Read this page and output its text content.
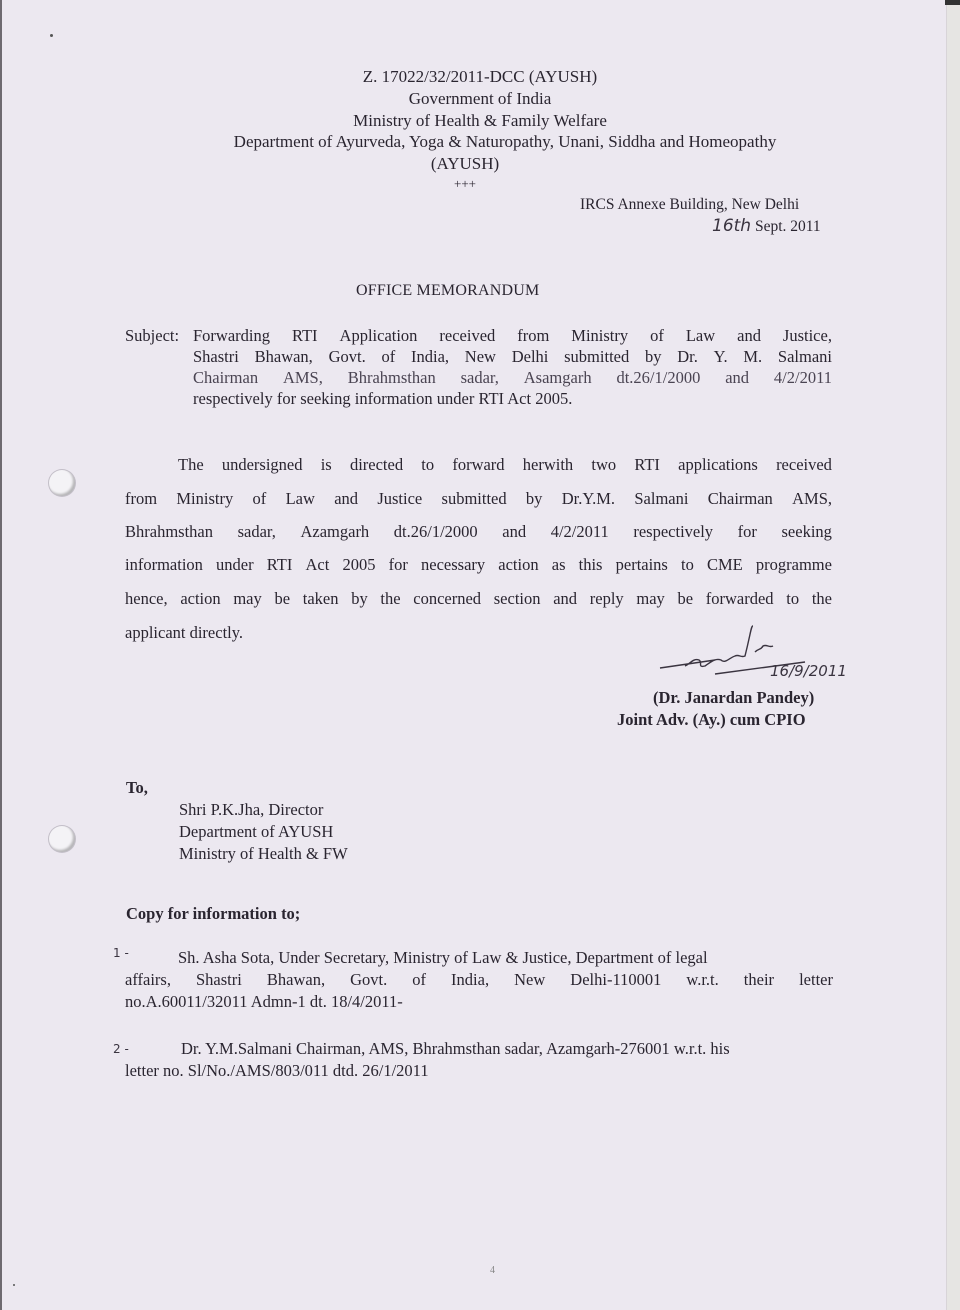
Z. 17022/32/2011-DCC (AYUSH)
Government of India
Ministry of Health & Family Welfare
Department of Ayurveda, Yoga & Naturopathy, Unani, Siddha and Homeopathy
(AYUSH)
+++
IRCS Annexe Building, New Delhi
16th Sept. 2011
OFFICE MEMORANDUM
Subject: Forwarding RTI Application received from Ministry of Law and Justice,
Shastri Bhawan, Govt. of India, New Delhi submitted by Dr. Y. M. Salmani
Chairman AMS, Bhrahmsthan sadar, Asamgarh dt.26/1/2000 and 4/2/2011
respectively for seeking information under RTI Act 2005.
The undersigned is directed to forward herwith two RTI applications received
from Ministry of Law and Justice submitted by Dr.Y.M. Salmani Chairman AMS,
Bhrahmsthan sadar, Azamgarh dt.26/1/2000 and 4/2/2011 respectively for seeking
information under RTI Act 2005 for necessary action as this pertains to CME programme
hence, action may be taken by the concerned section and reply may be forwarded to the
applicant directly.
16/9/2011
(Dr. Janardan Pandey)
Joint Adv. (Ay.) cum CPIO
To,
Shri P.K.Jha, Director
Department of AYUSH
Ministry of Health & FW
Copy for information to;
1 -	Sh. Asha Sota, Under Secretary, Ministry of Law & Justice, Department of legal
affairs, Shastri Bhawan, Govt. of India, New Delhi-110001 w.r.t. their letter
no.A.60011/32011 Admn-1 dt. 18/4/2011-
2 -	Dr. Y.M.Salmani Chairman, AMS, Bhrahmsthan sadar, Azamgarh-276001 w.r.t. his
letter no. Sl/No./AMS/803/011 dtd. 26/1/2011
4
